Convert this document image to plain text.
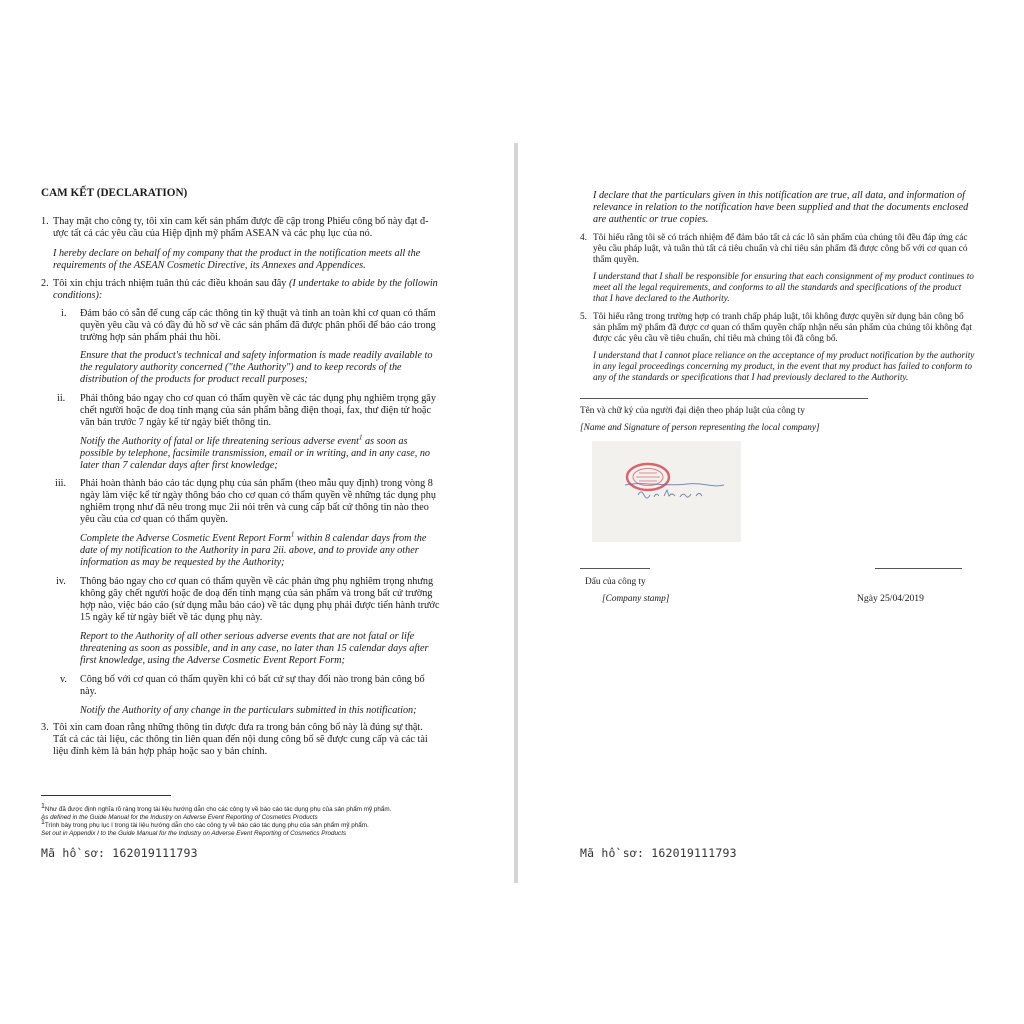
CAM KẾT (DECLARATION)

1. Thay mặt cho công ty, tôi xin cam kết sản phẩm được đề cập trong Phiếu công bố này đạt đ-

ược tất cả các yêu cầu của Hiệp định mỹ phẩm ASEAN và các phụ lục của nó.

I hereby declare on behalf of my company that the product in the notification meets all the

requirements of the ASEAN Cosmetic Directive, its Annexes and Appendices.

2. Tôi xin chịu trách nhiệm tuân thủ các điều khoản sau đây (I undertake to abide by the followin

conditions):

i. Đảm bảo có sẵn để cung cấp các thông tin kỹ thuật và tính an toàn khi cơ quan có thẩm

quyền yêu cầu và có đầy đủ hồ sơ về các sản phẩm đã được phân phối để báo cáo trong

trường hợp sản phẩm phải thu hồi.

Ensure that the product's technical and safety information is made readily available to

the regulatory authority concerned ("the Authority") and to keep records of the

distribution of the products for product recall purposes;

ii. Phải thông báo ngay cho cơ quan có thẩm quyền về các tác dụng phụ nghiêm trọng gây

chết người hoặc đe doạ tính mạng của sản phẩm bằng điện thoại, fax, thư điện tử hoặc

văn bản trước 7 ngày kể từ ngày biết thông tin.

Notify the Authority of fatal or life threatening serious adverse event$^1$ as soon as

possible by telephone, facsimile transmission, email or in writing, and in any case, no

later than 7 calendar days after first knowledge;

iii. Phải hoàn thành báo cáo tác dụng phụ của sản phẩm (theo mẫu quy định) trong vòng 8

ngày làm việc kể từ ngày thông báo cho cơ quan có thẩm quyền về những tác dụng phụ

nghiêm trọng như đã nêu trong mục 2ii nói trên và cung cấp bất cứ thông tin nào theo

yêu cầu của cơ quan có thẩm quyền.

Complete the Adverse Cosmetic Event Report Form$^1$ within 8 calendar days from the

date of my notification to the Authority in para 2ii. above, and to provide any other

information as may be requested by the Authority;

iv. Thông báo ngay cho cơ quan có thẩm quyền về các phản ứng phụ nghiêm trọng nhưng

không gây chết người hoặc đe doạ đến tính mạng của sản phẩm và trong bất cứ trường

hợp nào, việc báo cáo (sử dụng mẫu báo cáo) về tác dụng phụ phải được tiến hành trước

15 ngày kể từ ngày biết về tác dụng phụ này.

Report to the Authority of all other serious adverse events that are not fatal or life

threatening as soon as possible, and in any case, no later than 15 calendar days after

first knowledge, using the Adverse Cosmetic Event Report Form;

v. Công bố với cơ quan có thẩm quyền khi có bất cứ sự thay đổi nào trong bản công bố

này.

Notify the Authority of any change in the particulars submitted in this notification;

3. Tôi xin cam đoan rằng những thông tin được đưa ra trong bản công bố này là đúng sự thật.

Tất cả các tài liệu, các thông tin liên quan đến nội dung công bố sẽ được cung cấp và các tài

liệu đính kèm là bản hợp pháp hoặc sao y bản chính.

$^1$Như đã được định nghĩa rõ ràng trong tài liệu hướng dẫn cho các công ty về báo cáo tác dụng phụ của sản phẩm mỹ phẩm.

As defined in the Guide Manual for the Industry on Adverse Event Reporting of Cosmetics Products

$^1$Trình bày trong phụ lục I trong tài liệu hướng dẫn cho các công ty về báo cáo tác dụng phụ của sản phẩm mỹ phẩm.

Set out in Appendix I to the Guide Manual for the Industry on Adverse Event Reporting of Cosmetics Products

Mã hồ sơ: 162019111793

I declare that the particulars given in this notification are true, all data, and information of

relevance in relation to the notification have been supplied and that the documents enclosed

are authentic or true copies.

4. Tôi hiểu rằng tôi sẽ có trách nhiệm để đảm bảo tất cả các lô sản phẩm của chúng tôi đều đáp ứng các

yêu cầu pháp luật, và tuân thủ tất cả tiêu chuẩn và chỉ tiêu sản phẩm đã được công bố với cơ quan có

thẩm quyền.

I understand that I shall be responsible for ensuring that each consignment of my product continues to

meet all the legal requirements, and conforms to all the standards and specifications of the product

that I have declared to the Authority.

5. Tôi hiểu rằng trong trường hợp có tranh chấp pháp luật, tôi không được quyền sử dụng bản công bố

sản phẩm mỹ phẩm đã được cơ quan có thẩm quyền chấp nhận nếu sản phẩm của chúng tôi không đạt

được các yêu cầu về tiêu chuẩn, chỉ tiêu mà chúng tôi đã công bố.

I understand that I cannot place reliance on the acceptance of my product notification by the authority

in any legal proceedings concerning my product, in the event that my product has failed to conform to

any of the standards or specifications that I had previously declared to the Authority.

Tên và chữ ký của người đại diện theo pháp luật của công ty

[Name and Signature of person representing the local company]

Dấu của công ty

[Company stamp]	Ngày 25/04/2019

Mã hồ sơ: 162019111793
